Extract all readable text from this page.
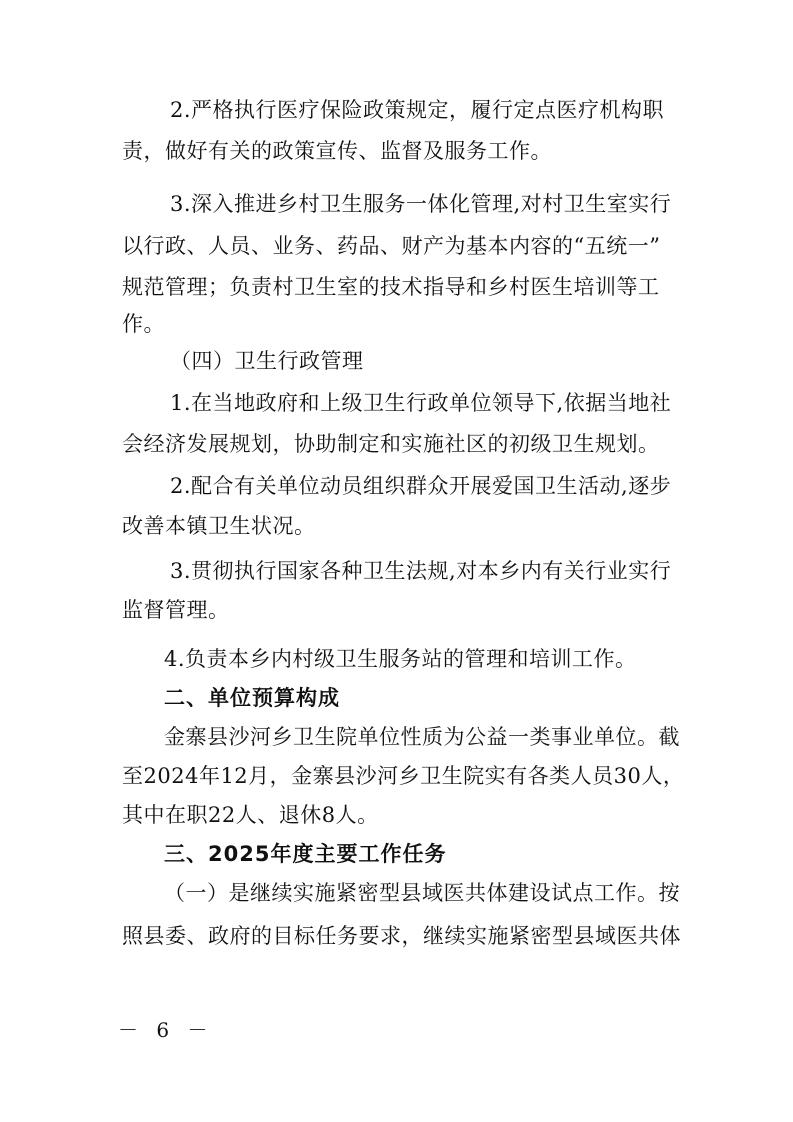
2.严格执行医疗保险政策规定，履行定点医疗机构职
责，做好有关的政策宣传、监督及服务工作。
3.深入推进乡村卫生服务一体化管理,对村卫生室实行
以行政、人员、业务、药品、财产为基本内容的“五统一”
规范管理；负责村卫生室的技术指导和乡村医生培训等工
作。
（四）卫生行政管理
1.在当地政府和上级卫生行政单位领导下,依据当地社
会经济发展规划，协助制定和实施社区的初级卫生规划。
2.配合有关单位动员组织群众开展爱国卫生活动,逐步
改善本镇卫生状况。
3.贯彻执行国家各种卫生法规,对本乡内有关行业实行
监督管理。
4.负责本乡内村级卫生服务站的管理和培训工作。
二、单位预算构成
金寨县沙河乡卫生院单位性质为公益一类事业单位。截
至2024年12月，金寨县沙河乡卫生院实有各类人员30人，
其中在职22人、退休8人。
三、2025年度主要工作任务
（一）是继续实施紧密型县域医共体建设试点工作。按
照县委、政府的目标任务要求，继续实施紧密型县域医共体
－ 6 －
